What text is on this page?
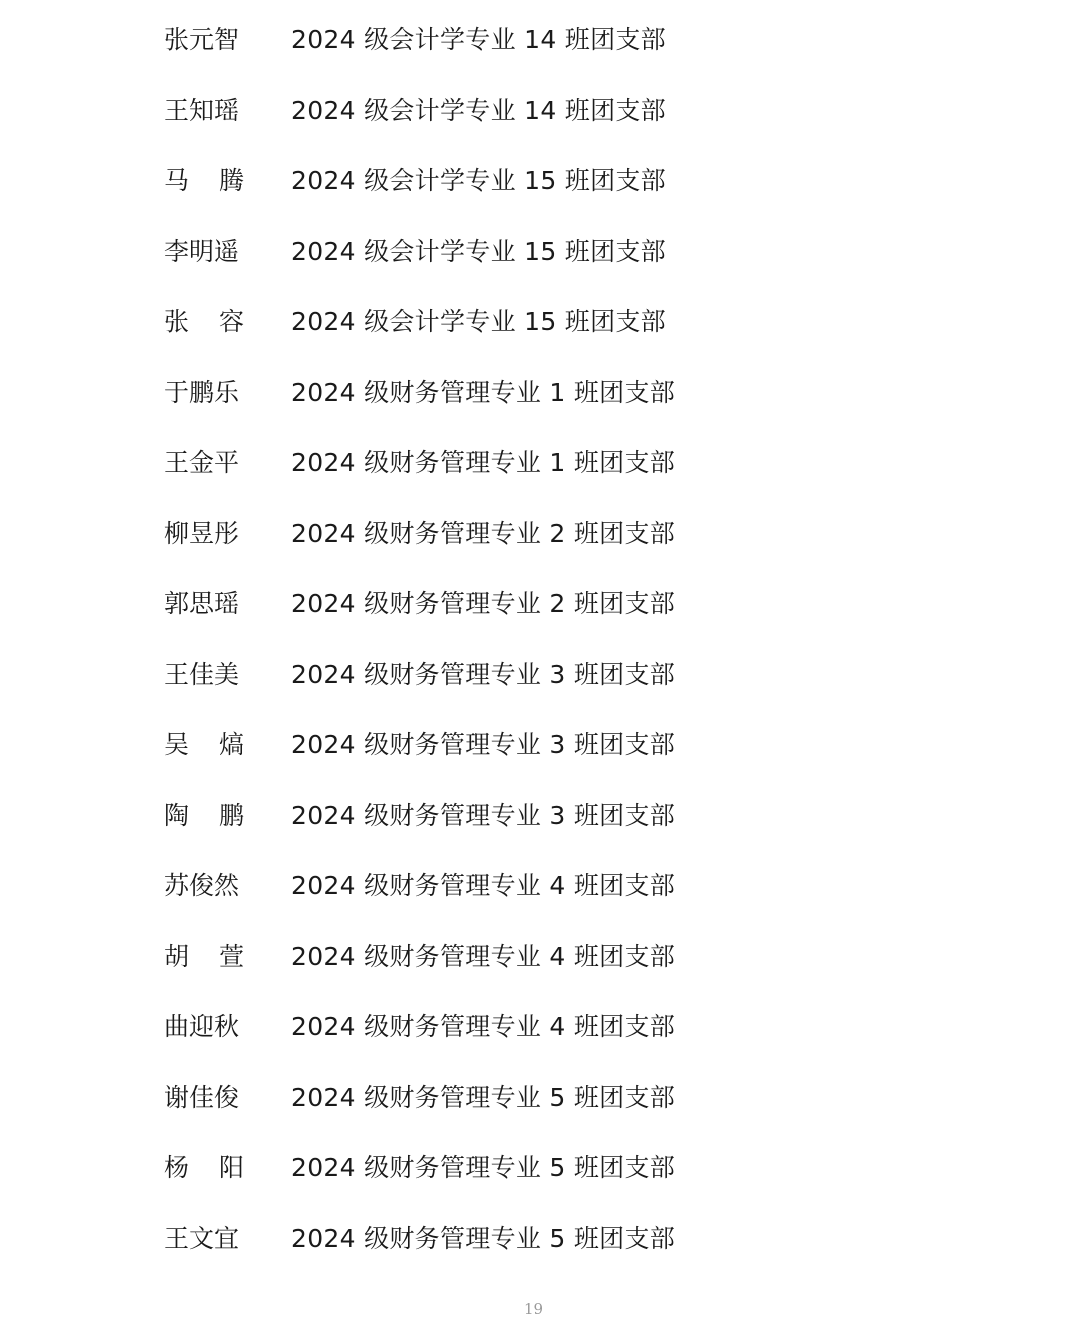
张元智 2024 级会计学专业 14 班团支部
王知瑶 2024 级会计学专业 14 班团支部
马 腾 2024 级会计学专业 15 班团支部
李明遥 2024 级会计学专业 15 班团支部
张 容 2024 级会计学专业 15 班团支部
于鹏乐 2024 级财务管理专业 1 班团支部
王金平 2024 级财务管理专业 1 班团支部
柳昱彤 2024 级财务管理专业 2 班团支部
郭思瑶 2024 级财务管理专业 2 班团支部
王佳美 2024 级财务管理专业 3 班团支部
吴 熇 2024 级财务管理专业 3 班团支部
陶 鹏 2024 级财务管理专业 3 班团支部
苏俊然 2024 级财务管理专业 4 班团支部
胡 萱 2024 级财务管理专业 4 班团支部
曲迎秋 2024 级财务管理专业 4 班团支部
谢佳俊 2024 级财务管理专业 5 班团支部
杨 阳 2024 级财务管理专业 5 班团支部
王文宜 2024 级财务管理专业 5 班团支部
19
